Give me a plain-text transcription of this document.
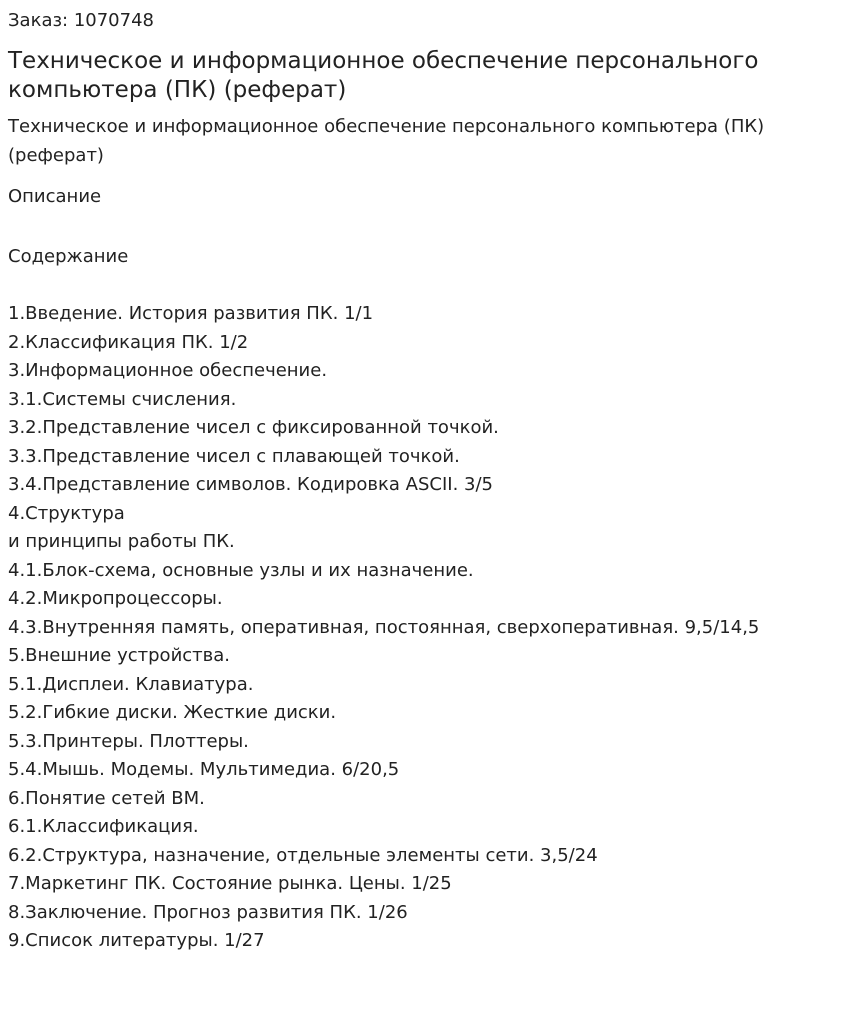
Заказ: 1070748
Техническое и информационное обеспечение персонального компьютера (ПК) (реферат)
Техническое и информационное обеспечение персонального компьютера (ПК) (реферат)
Описание
Содержание
1.Введение. История развития ПК. 1/1
2.Классификация ПК. 1/2
3.Информационное обеспечение.
3.1.Системы счисления.
3.2.Представление чисел с фиксированной точкой.
3.3.Представление чисел с плавающей точкой.
3.4.Представление символов. Кодировка ASCII. 3/5
4.Структура
и принципы работы ПК.
4.1.Блок-схема, основные узлы и их назначение.
4.2.Микропроцессоры.
4.3.Внутренняя память, оперативная, постоянная, сверхоперативная. 9,5/14,5
5.Внешние устройства.
5.1.Дисплеи. Клавиатура.
5.2.Гибкие диски. Жесткие диски.
5.3.Принтеры. Плоттеры.
5.4.Мышь. Модемы. Мультимедиа. 6/20,5
6.Понятие сетей ВМ.
6.1.Классификация.
6.2.Структура, назначение, отдельные элементы сети. 3,5/24
7.Маркетинг ПК. Состояние рынка. Цены. 1/25
8.Заключение. Прогноз развития ПК. 1/26
9.Список литературы. 1/27
